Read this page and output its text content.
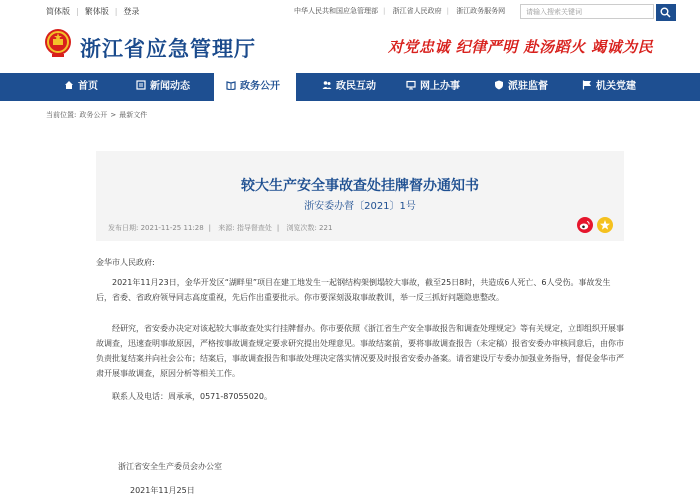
简体版 | 繁体版 | 登录	中华人民共和国应急管理部 | 浙江省人民政府 | 浙江政务服务网	请输入搜索关键词
浙江省应急管理厅	对党忠诚 纪律严明 赴汤蹈火 竭诚为民
首页	新闻动态	政务公开	政民互动	网上办事	派驻监督	机关党建
当前位置: 政务公开 > 最新文件
较大生产安全事故查处挂牌督办通知书
浙安委办督〔2021〕1号
发布日期: 2021-11-25 11:28 | 来源: 指导督查处 | 浏览次数: 221

金华市人民政府:

2021年11月23日，金华开发区“湖畔里”项目在建工地发生一起钢结构架倒塌较大事故，截至25日8时，共造成6人死亡、6人受伤。事故发生后，省委、省政府领导同志高度重视，先后作出重要批示。你市要深刻汲取事故教训，举一反三抓好问题隐患整改。

经研究，省安委办决定对该起较大事故查处实行挂牌督办。你市要依照《浙江省生产安全事故报告和调查处理规定》等有关规定，立即组织开展事故调查，迅速查明事故原因，严格按事故调查规定要求研究提出处理意见。事故结案前，要将事故调查报告（未定稿）报省安委办审核同意后，由你市负责批复结案并向社会公布；结案后，事故调查报告和事故处理决定落实情况要及时报省安委办备案。请省建设厅专委办加强业务指导，督促金华市严肃开展事故调查，原因分析等相关工作。

联系人及电话：周承承，0571-87055020。

浙江省安全生产委员会办公室

2021年11月25日
